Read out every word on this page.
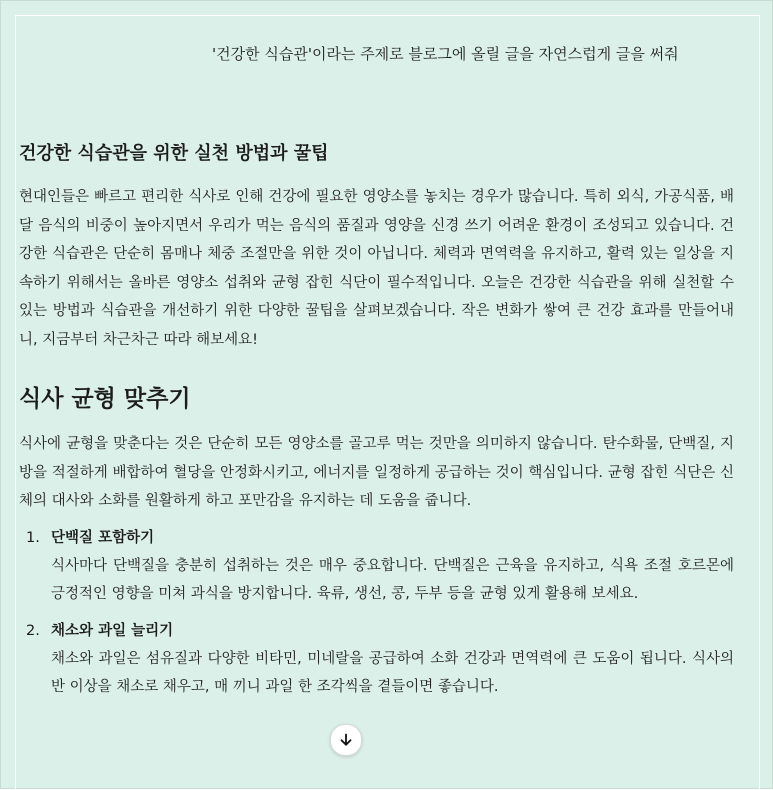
'건강한 식습관'이라는 주제로 블로그에 올릴 글을 자연스럽게 글을 써줘

건강한 식습관을 위한 실천 방법과 꿀팁

현대인들은 빠르고 편리한 식사로 인해 건강에 필요한 영양소를 놓치는 경우가 많습니다. 특히 외식, 가공식품, 배달 음식의 비중이 높아지면서 우리가 먹는 음식의 품질과 영양을 신경 쓰기 어려운 환경이 조성되고 있습니다. 건강한 식습관은 단순히 몸매나 체중 조절만을 위한 것이 아닙니다. 체력과 면역력을 유지하고, 활력 있는 일상을 지속하기 위해서는 올바른 영양소 섭취와 균형 잡힌 식단이 필수적입니다. 오늘은 건강한 식습관을 위해 실천할 수 있는 방법과 식습관을 개선하기 위한 다양한 꿀팁을 살펴보겠습니다. 작은 변화가 쌓여 큰 건강 효과를 만들어내니, 지금부터 차근차근 따라 해보세요!

식사 균형 맞추기

식사에 균형을 맞춘다는 것은 단순히 모든 영양소를 골고루 먹는 것만을 의미하지 않습니다. 탄수화물, 단백질, 지방을 적절하게 배합하여 혈당을 안정화시키고, 에너지를 일정하게 공급하는 것이 핵심입니다. 균형 잡힌 식단은 신체의 대사와 소화를 원활하게 하고 포만감을 유지하는 데 도움을 줍니다.

1. 단백질 포함하기

식사마다 단백질을 충분히 섭취하는 것은 매우 중요합니다. 단백질은 근육을 유지하고, 식욕 조절 호르몬에 긍정적인 영향을 미쳐 과식을 방지합니다. 육류, 생선, 콩, 두부 등을 균형 있게 활용해 보세요.

2. 채소와 과일 늘리기

채소와 과일은 섬유질과 다양한 비타민, 미네랄을 공급하여 소화 건강과 면역력에 큰 도움이 됩니다. 식사의 반 이상을 채소로 채우고, 매 끼니 과일 한 조각씩을 곁들이면 좋습니다.
